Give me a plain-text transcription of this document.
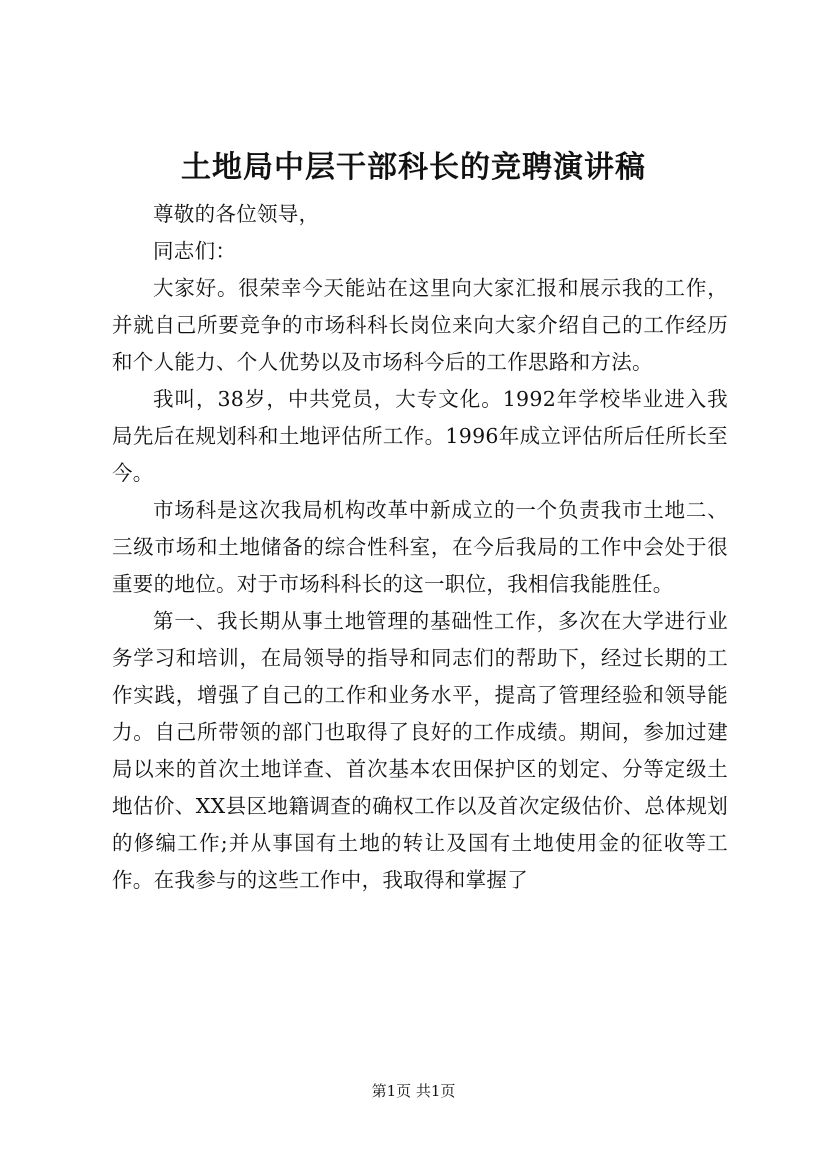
土地局中层干部科长的竞聘演讲稿

尊敬的各位领导，

同志们：

大家好。很荣幸今天能站在这里向大家汇报和展示我的工作，并就自己所要竞争的市场科科长岗位来向大家介绍自己的工作经历和个人能力、个人优势以及市场科今后的工作思路和方法。

我叫，38岁，中共党员，大专文化。1992年学校毕业进入我局先后在规划科和土地评估所工作。1996年成立评估所后任所长至今。

市场科是这次我局机构改革中新成立的一个负责我市土地二、三级市场和土地储备的综合性科室，在今后我局的工作中会处于很重要的地位。对于市场科科长的这一职位，我相信我能胜任。

第一、我长期从事土地管理的基础性工作，多次在大学进行业务学习和培训，在局领导的指导和同志们的帮助下，经过长期的工作实践，增强了自己的工作和业务水平，提高了管理经验和领导能力。自己所带领的部门也取得了良好的工作成绩。期间，参加过建局以来的首次土地详查、首次基本农田保护区的划定、分等定级土地估价、XX县区地籍调查的确权工作以及首次定级估价、总体规划的修编工作;并从事国有土地的转让及国有土地使用金的征收等工作。在我参与的这些工作中，我取得和掌握了

第1页 共1页
